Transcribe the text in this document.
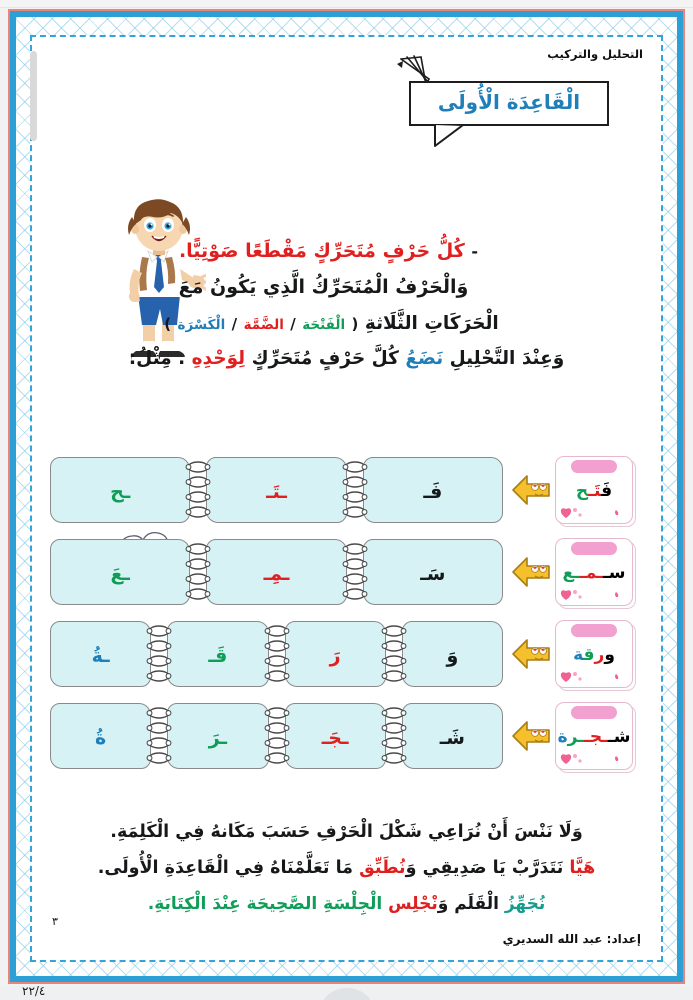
التحليل والتركيب
الْقَاعِدَة الْأُولَى
- كُلُّ حَرْفٍ مُتَحَرِّكٍ مَقْطَعًا صَوْتِيًّا.
وَالْحَرْفُ الْمُتَحَرِّكُ الَّذِي يَكُونُ مَعَ
الْحَرَكَاتِ الثَّلَاثةِ ( الْفَتْحَة / الضَّمَّة / الْكَسْرَة )
وَعِنْدَ التَّحْلِيلِ نَضَعُ كُلَّ حَرْفٍ مُتَحَرِّكٍ لِوَحْدِهِ . مِثْلُ:
فَتَـح
فَـ
ـتَـ
ـح
ســمــع
سَـ
ـمِـ
ـعَ
ورقة
وَ
رَ
قَـ
ـةُ
شــجــرة
شَـ
ـجَـ
ـرَ
ةُ
وَلَا نَنْسَ أَنْ نُرَاعِي شَكْلَ الْحَرْفِ حَسَبَ مَكَانهُ فِي الْكَلِمَةِ.
هَيَّا نَتَدَرَّبْ يَا صَدِيقِي وَنُطَبِّق مَا تَعَلَّمْنَاهُ فِي الْقَاعِدَةِ الْأُولَى.
نُجَهِّزُ الْقَلَم وَنْجْلِس الْجِلْسَةِ الصَّحِيحَة عِنْدَ الْكِتَابَةِ.
إعداد: عبد الله السديري
٣
٢٢/٤
